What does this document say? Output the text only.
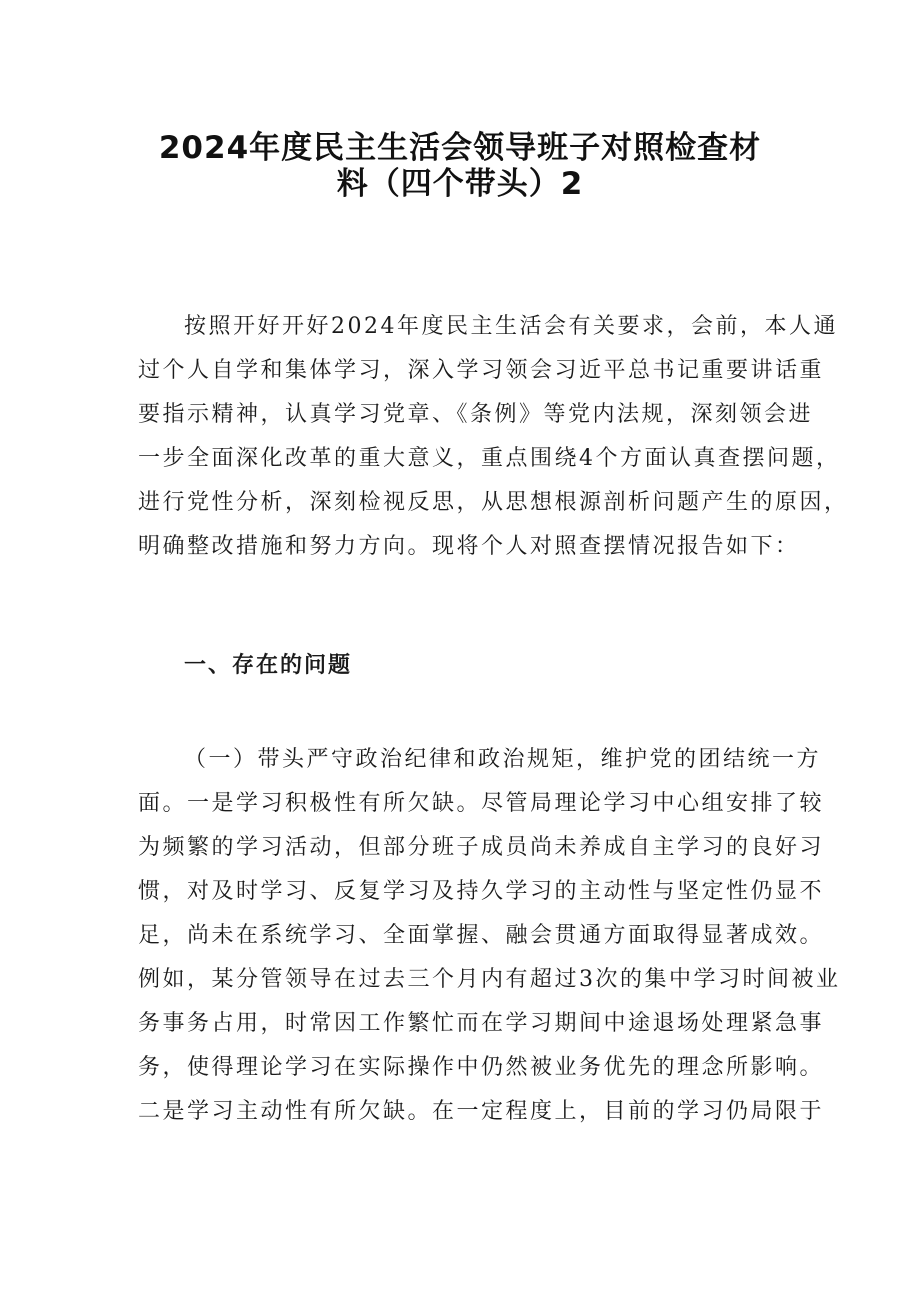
2024年度民主生活会领导班子对照检查材
料（四个带头）2
按照开好开好2024年度民主生活会有关要求，会前，本人通
过个人自学和集体学习，深入学习领会习近平总书记重要讲话重
要指示精神，认真学习党章、《条例》等党内法规，深刻领会进
一步全面深化改革的重大意义，重点围绕4个方面认真查摆问题，
进行党性分析，深刻检视反思，从思想根源剖析问题产生的原因，
明确整改措施和努力方向。现将个人对照查摆情况报告如下：
一、存在的问题
（一）带头严守政治纪律和政治规矩，维护党的团结统一方
面。一是学习积极性有所欠缺。尽管局理论学习中心组安排了较
为频繁的学习活动，但部分班子成员尚未养成自主学习的良好习
惯，对及时学习、反复学习及持久学习的主动性与坚定性仍显不
足，尚未在系统学习、全面掌握、融会贯通方面取得显著成效。
例如，某分管领导在过去三个月内有超过3次的集中学习时间被业
务事务占用，时常因工作繁忙而在学习期间中途退场处理紧急事
务，使得理论学习在实际操作中仍然被业务优先的理念所影响。
二是学习主动性有所欠缺。在一定程度上，目前的学习仍局限于
